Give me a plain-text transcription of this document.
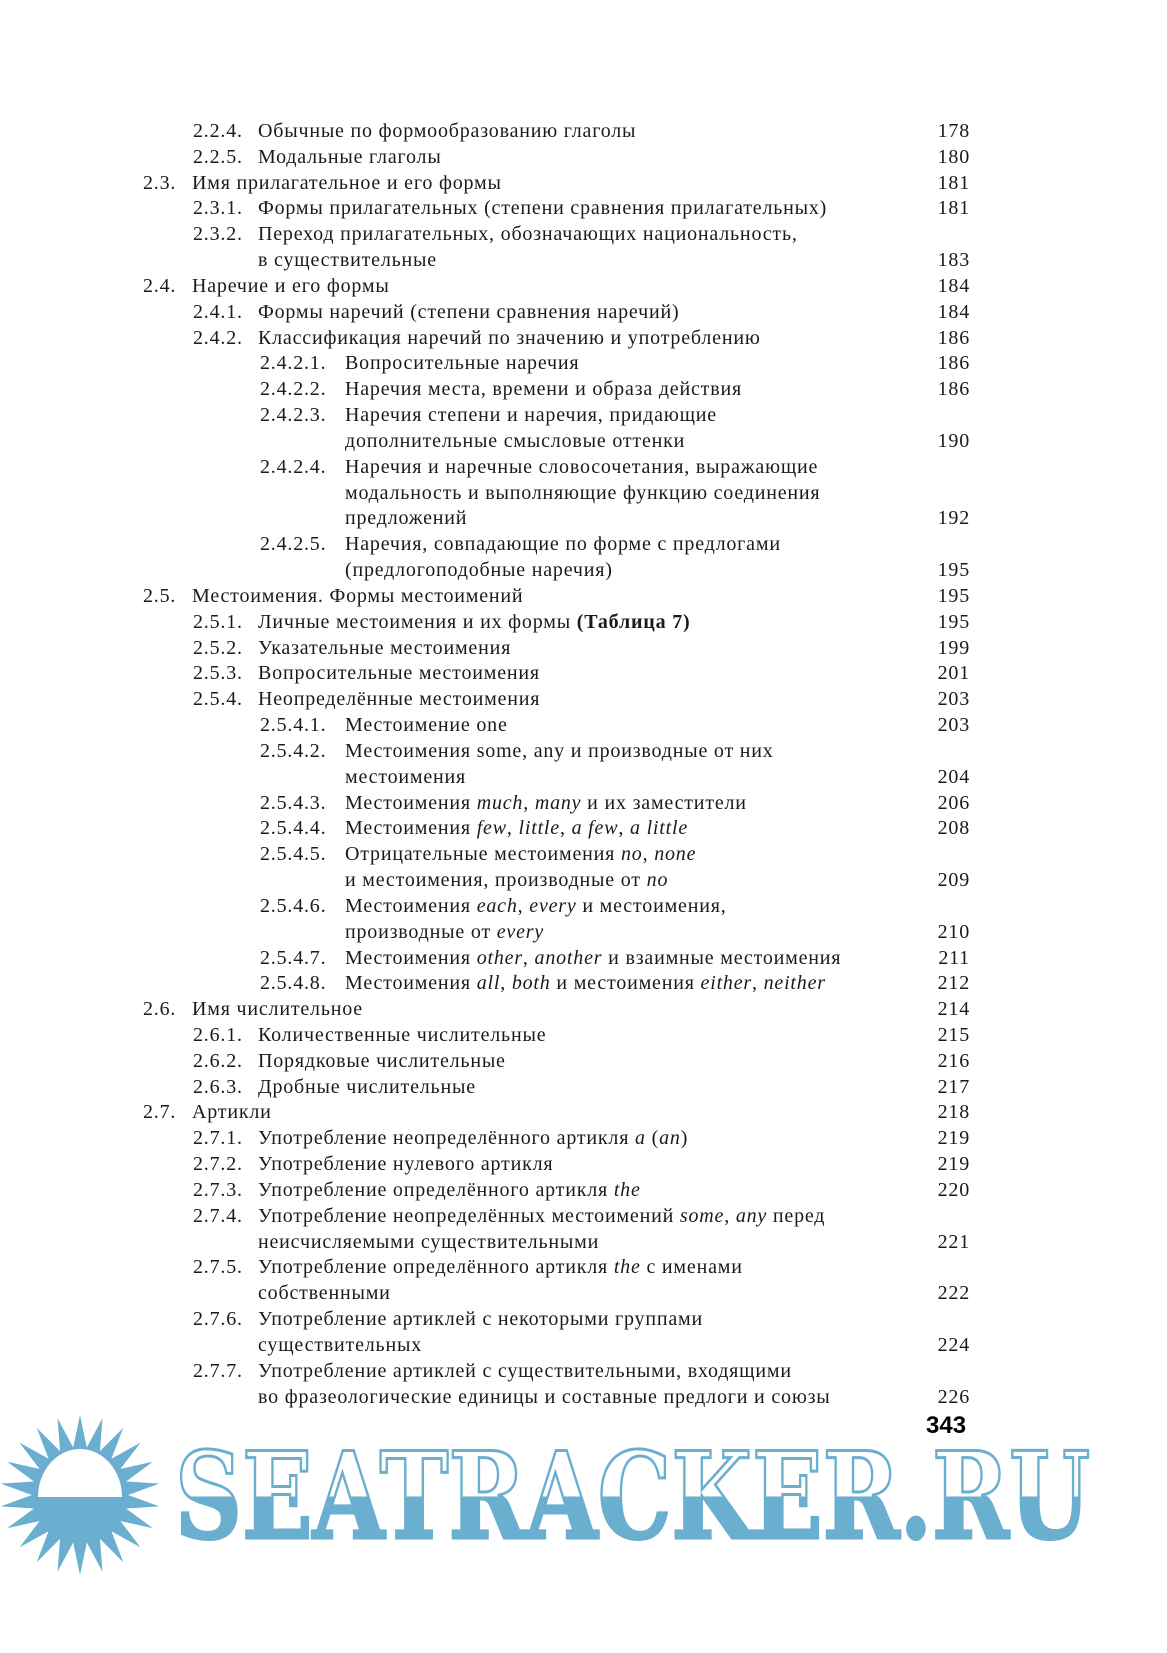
2.2.4. Обычные по формообразованию глаголы	178
2.2.5. Модальные глаголы	180
2.3. Имя прилагательное и его формы	181
2.3.1. Формы прилагательных (степени сравнения прилагательных)	181
2.3.2. Переход прилагательных, обозначающих национальность,
в существительные	183
2.4. Наречие и его формы	184
2.4.1. Формы наречий (степени сравнения наречий)	184
2.4.2. Классификация наречий по значению и употреблению	186
2.4.2.1. Вопросительные наречия	186
2.4.2.2. Наречия места, времени и образа действия	186
2.4.2.3. Наречия степени и наречия, придающие
дополнительные смысловые оттенки	190
2.4.2.4. Наречия и наречные словосочетания, выражающие
модальность и выполняющие функцию соединения
предложений	192
2.4.2.5. Наречия, совпадающие по форме с предлогами
(предлогоподобные наречия)	195
2.5. Местоимения. Формы местоимений	195
2.5.1. Личные местоимения и их формы (Таблица 7)	195
2.5.2. Указательные местоимения	199
2.5.3. Вопросительные местоимения	201
2.5.4. Неопределённые местоимения	203
2.5.4.1. Местоимение one	203
2.5.4.2. Местоимения some, any и производные от них
местоимения	204
2.5.4.3. Местоимения much, many и их заместители	206
2.5.4.4. Местоимения few, little, a few, a little	208
2.5.4.5. Отрицательные местоимения no, none
и местоимения, производные от no	209
2.5.4.6. Местоимения each, every и местоимения,
производные от every	210
2.5.4.7. Местоимения other, another и взаимные местоимения	211
2.5.4.8. Местоимения all, both и местоимения either, neither	212
2.6. Имя числительное	214
2.6.1. Количественные числительные	215
2.6.2. Порядковые числительные	216
2.6.3. Дробные числительные	217
2.7. Артикли	218
2.7.1. Употребление неопределённого артикля a (an)	219
2.7.2. Употребление нулевого артикля	219
2.7.3. Употребление определённого артикля the	220
2.7.4. Употребление неопределённых местоимений some, any перед
неисчисляемыми существительными	221
2.7.5. Употребление определённого артикля the с именами
собственными	222
2.7.6. Употребление артиклей с некоторыми группами
существительных	224
2.7.7. Употребление артиклей с существительными, входящими
во фразеологические единицы и составные предлоги и союзы	226
SEATRACKER.RU
343
